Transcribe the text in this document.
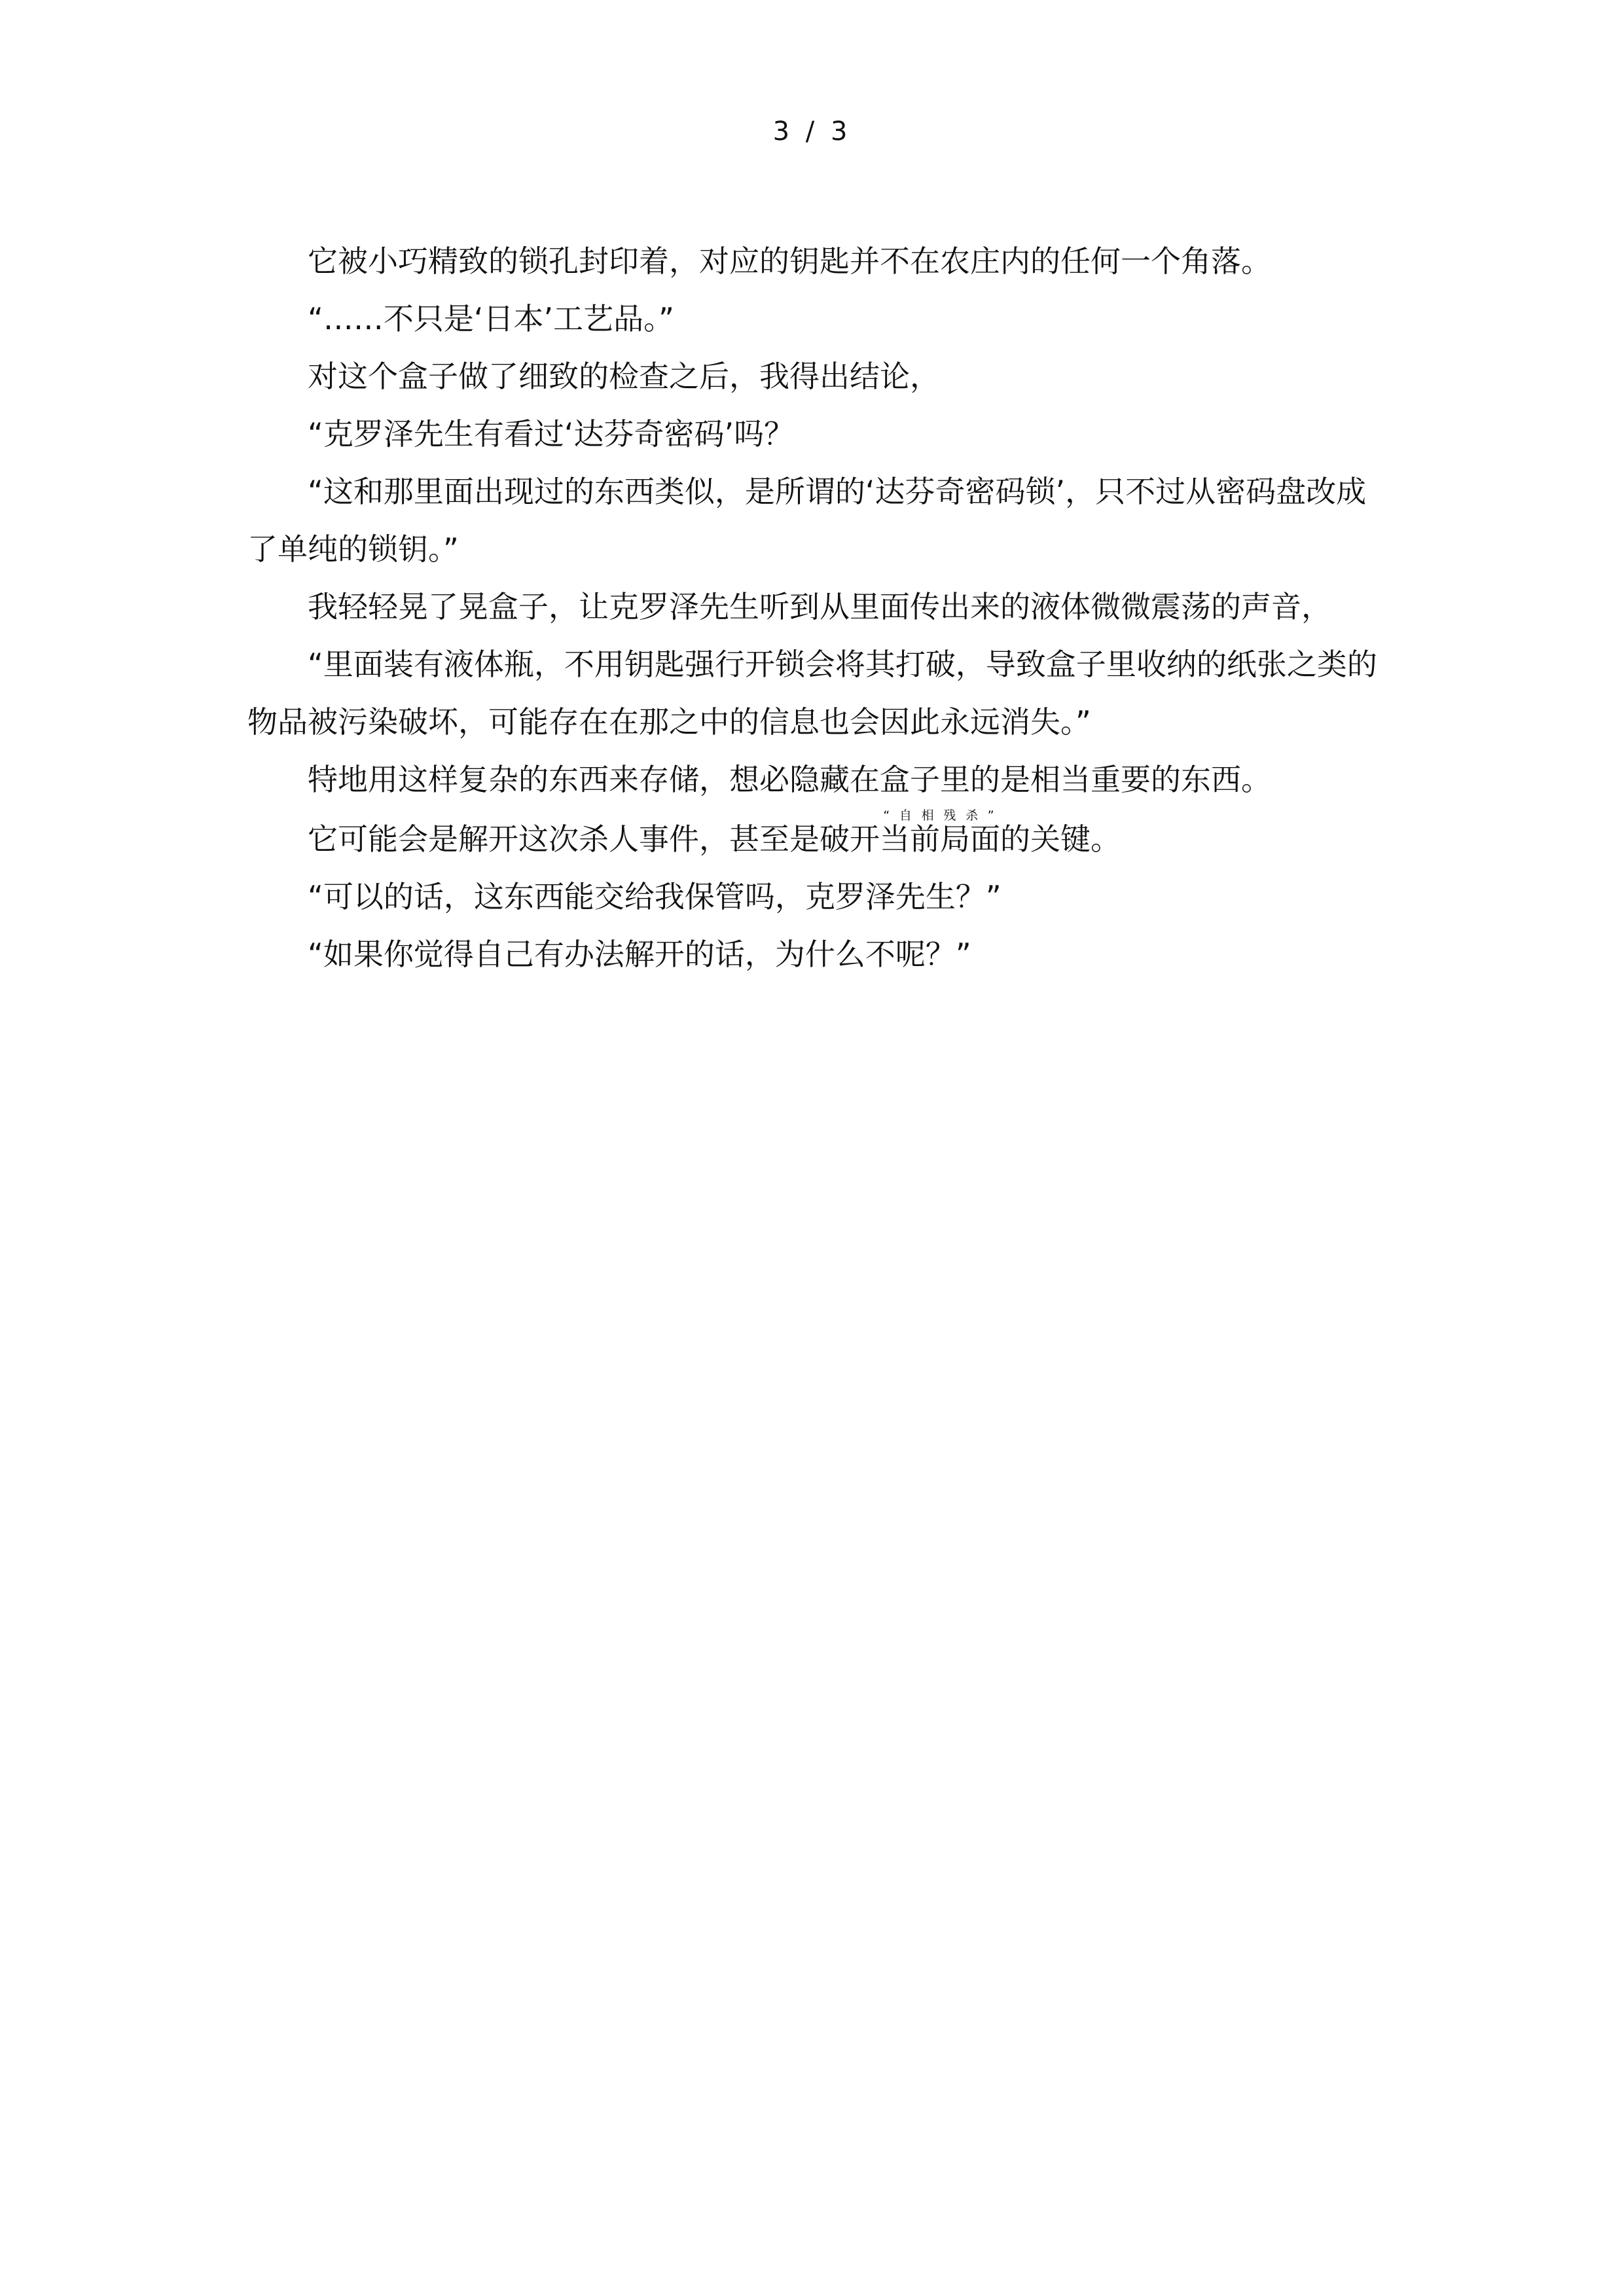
3 / 3

它被小巧精致的锁孔封印着，对应的钥匙并不在农庄内的任何一个角落。

“……不只是‘日本’工艺品。”

对这个盒子做了细致的检查之后，我得出结论，

“克罗泽先生有看过‘达芬奇密码’吗？

“这和那里面出现过的东西类似，是所谓的‘达芬奇密码锁’，只不过从密码盘改成了单纯的锁钥。”

我轻轻晃了晃盒子，让克罗泽先生听到从里面传出来的液体微微震荡的声音，

“里面装有液体瓶，不用钥匙强行开锁会将其打破，导致盒子里收纳的纸张之类的物品被污染破坏，可能存在在那之中的信息也会因此永远消失。”

特地用这样复杂的东西来存储，想必隐藏在盒子里的是相当重要的东西。

它可能会是解开这次杀人事件，甚至是破开当前局面“自相残杀”的关键。

“可以的话，这东西能交给我保管吗，克罗泽先生？”

“如果你觉得自己有办法解开的话，为什么不呢？”
